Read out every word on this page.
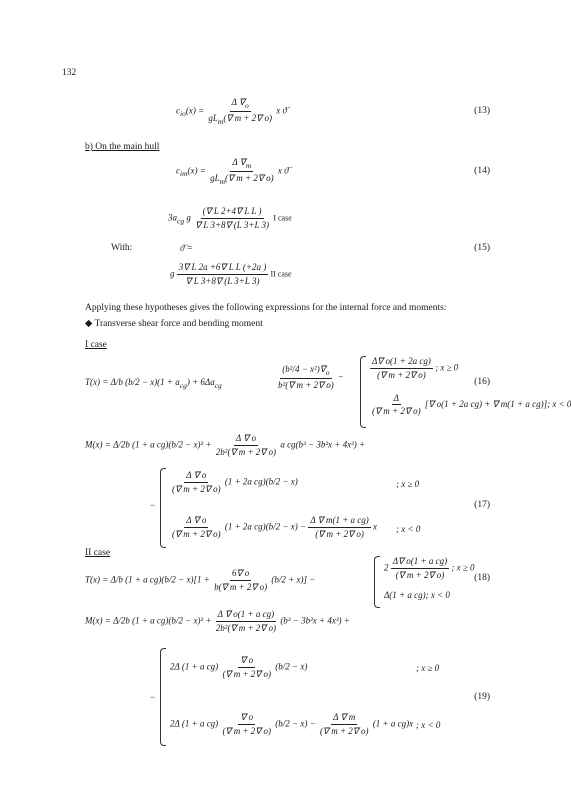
132
$c_{io}(x) = \frac{\Delta \nabla_o}{gL_m(\nabla m + 2\nabla o)}$ x ϑ̈	(13)
b) On the main hull
$c_{im}(x) = \frac{\Delta \nabla_m}{gL_m(\nabla m + 2\nabla o)}$ x ϑ̈	(14)
$3a_{cg}$ g $\frac{\text{(∇ L 2+4∇ L L )}}{\nabla L 3+8\nabla (L 3+L 3)}$ I case
With:	ϑ̈ =	(15)
g $\frac{\text{3∇ L 2a +6∇ L L (+2a )}}{\nabla L 3+8\nabla (L 3+L 3)}$ II case
Applying these hypotheses gives the following expressions for the internal force and moments:
◆ Transverse shear force and bending moment
I case
T(x) = Δ/b $(b/2 - x)(1 + a_{cg}) + 6\Delta a_{cg}$	$\frac{(b^2/4 - x^2)\nabla_o}{\text{b²(∇ m + 2∇ o)}}$ −	$\frac{\text{Δ∇ o(1 + 2a cg)}}{(\nabla m + 2\nabla o)}$ ; x ≥ 0
$\frac{\Delta}{(\nabla m + 2\nabla o)}$ [∇ o(1 + 2a cg) + ∇ m(1 + a cg)]; x < 0
(16)
M(x) = Δ/2b (1 + a $cg)(b/2 - x)^2 + \frac{\Delta \nabla o}{\text{2b²(∇ m + 2∇ o)}}$ a cg(b³ − 3b²x + 4x³) +
−
$\frac{\Delta \nabla o}{(\nabla m + 2\nabla o)} (1 + 2a$ cg)(b/2 − x)	; x ≥ 0
$\frac{\Delta \nabla o}{(\nabla m + 2\nabla o)} (1 + 2a$ $cg)(b/2 - x) - \frac{\text{Δ ∇ m(1 + a cg)}}{(\nabla m + 2\nabla o)}$ x ; x < 0
(17)
II case
T(x) = Δ/b (1 + a $cg)(b/2 - x)[1 + \frac{6\nabla o}{b(\nabla m + 2\nabla o)} (b/2 + x)]$ −
$2 \frac{\text{Δ∇ o(1 + a cg)}}{(\nabla m + 2\nabla o)}$ ; x ≥ 0
Δ(1 + a cg); x < 0
(18)
M(x) = Δ/2b (1 + a $cg)(b/2 - x)^2 + \frac{\text{Δ ∇ o(1 + a cg)}}{\text{2b²(∇ m + 2∇ o)}} (b^3 - 3b^2x + 4x^3)$ +
−
2Δ (1 + a $cg) \frac{\nabla o}{(\nabla m + 2\nabla o)} (b/2 - x)$	; x ≥ 0
2Δ (1 + a $cg) \frac{\nabla o}{(\nabla m + 2\nabla o)} (b/2 - x) - \frac{\Delta \nabla m}{(\nabla m + 2\nabla o)} (1 + a$ cg)x ; x < 0
(19)
